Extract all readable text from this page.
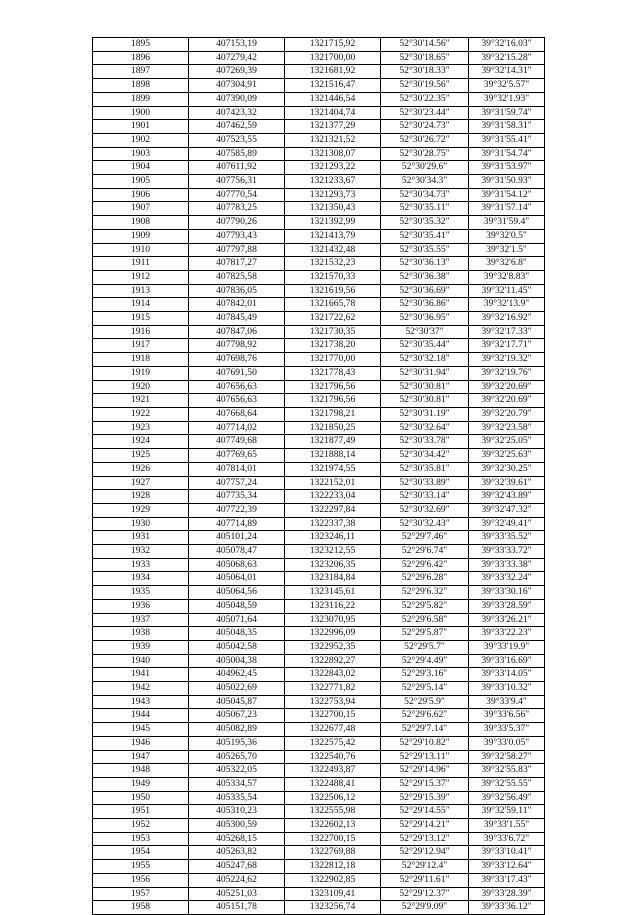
1895	407153,19	1321715,92	52°30'14.56"	39°32'16.03"
1896	407279,42	1321700,00	52°30'18.65"	39°32'15.28"
1897	407269,39	1321681,92	52°30'18.33"	39°32'14.31"
1898	407304,91	1321516,47	52°30'19.56"	39°32'5.57"
1899	407390,09	1321446,54	52°30'22.35"	39°32'1.93"
1900	407423,32	1321404,74	52°30'23.44"	39°31'59.74"
1901	407462,59	1321377,29	52°30'24.73"	39°31'58.31"
1902	407523,55	1321321,52	52°30'26.72"	39°31'55.41"
1903	407585,89	1321308,07	52°30'28.75"	39°31'54.74"
1904	407611,92	1321293,22	52°30'29.6"	39°31'53.97"
1905	407756,31	1321233,67	52°30'34.3"	39°31'50.93"
1906	407770,54	1321293,73	52°30'34.73"	39°31'54.12"
1907	407783,25	1321350,43	52°30'35.11"	39°31'57.14"
1908	407790,26	1321392,99	52°30'35.32"	39°31'59.4"
1909	407793,43	1321413,79	52°30'35.41"	39°32'0.5"
1910	407797,88	1321432,48	52°30'35.55"	39°32'1.5"
1911	407817,27	1321532,23	52°30'36.13"	39°32'6.8"
1912	407825,58	1321570,33	52°30'36.38"	39°32'8.83"
1913	407836,05	1321619,56	52°30'36.69"	39°32'11.45"
1914	407842,01	1321665,78	52°30'36.86"	39°32'13.9"
1915	407845,49	1321722,62	52°30'36.95"	39°32'16.92"
1916	407847,06	1321730,35	52°30'37"	39°32'17.33"
1917	407798,92	1321738,20	52°30'35.44"	39°32'17.71"
1918	407698,76	1321770,00	52°30'32.18"	39°32'19.32"
1919	407691,50	1321778,43	52°30'31.94"	39°32'19.76"
1920	407656,63	1321796,56	52°30'30.81"	39°32'20.69"
1921	407656,63	1321796,56	52°30'30.81"	39°32'20.69"
1922	407668,64	1321798,21	52°30'31.19"	39°32'20.79"
1923	407714,02	1321850,25	52°30'32.64"	39°32'23.58"
1924	407749,68	1321877,49	52°30'33.78"	39°32'25.05"
1925	407769,65	1321888,14	52°30'34.42"	39°32'25.63"
1926	407814,01	1321974,55	52°30'35.81"	39°32'30.25"
1927	407757,24	1322152,01	52°30'33.89"	39°32'39.61"
1928	407735,34	1322233,04	52°30'33.14"	39°32'43.89"
1929	407722,39	1322297,84	52°30'32.69"	39°32'47.32"
1930	407714,89	1322337,38	52°30'32.43"	39°32'49.41"
1931	405101,24	1323246,11	52°29'7.46"	39°33'35.52"
1932	405078,47	1323212,55	52°29'6.74"	39°33'33.72"
1933	405068,63	1323206,35	52°29'6.42"	39°33'33.38"
1934	405064,01	1323184,84	52°29'6.28"	39°33'32.24"
1935	405064,56	1323145,61	52°29'6.32"	39°33'30.16"
1936	405048,59	1323116,22	52°29'5.82"	39°33'28.59"
1937	405071,64	1323070,95	52°29'6.58"	39°33'26.21"
1938	405048,35	1322996,09	52°29'5.87"	39°33'22.23"
1939	405042,58	1322952,35	52°29'5.7"	39°33'19.9"
1940	405004,38	1322892,27	52°29'4.49"	39°33'16.69"
1941	404962,45	1322843,02	52°29'3.16"	39°33'14.05"
1942	405022,69	1322771,82	52°29'5.14"	39°33'10.32"
1943	405045,87	1322753,94	52°29'5.9"	39°33'9.4"
1944	405067,23	1322700,15	52°29'6.62"	39°33'6.56"
1945	405082,89	1322677,48	52°29'7.14"	39°33'5.37"
1946	405195,36	1322575,42	52°29'10.82"	39°33'0.05"
1947	405265,70	1322540,76	52°29'13.11"	39°32'58.27"
1948	405322,05	1322493,87	52°29'14.96"	39°32'55.83"
1949	405334,57	1322488,41	52°29'15.37"	39°32'55.55"
1950	405335,54	1322506,12	52°29'15.39"	39°32'56.49"
1951	405310,23	1322555,98	52°29'14.55"	39°32'59.11"
1952	405300,59	1322602,13	52°29'14.21"	39°33'1.55"
1953	405268,15	1322700,15	52°29'13.12"	39°33'6.72"
1954	405263,82	1322769,88	52°29'12.94"	39°33'10.41"
1955	405247,68	1322812,18	52°29'12.4"	39°33'12.64"
1956	405224,62	1322902,85	52°29'11.61"	39°33'17.43"
1957	405251,03	1323109,41	52°29'12.37"	39°33'28.39"
1958	405151,78	1323256,74	52°29'9.09"	39°33'36.12"
